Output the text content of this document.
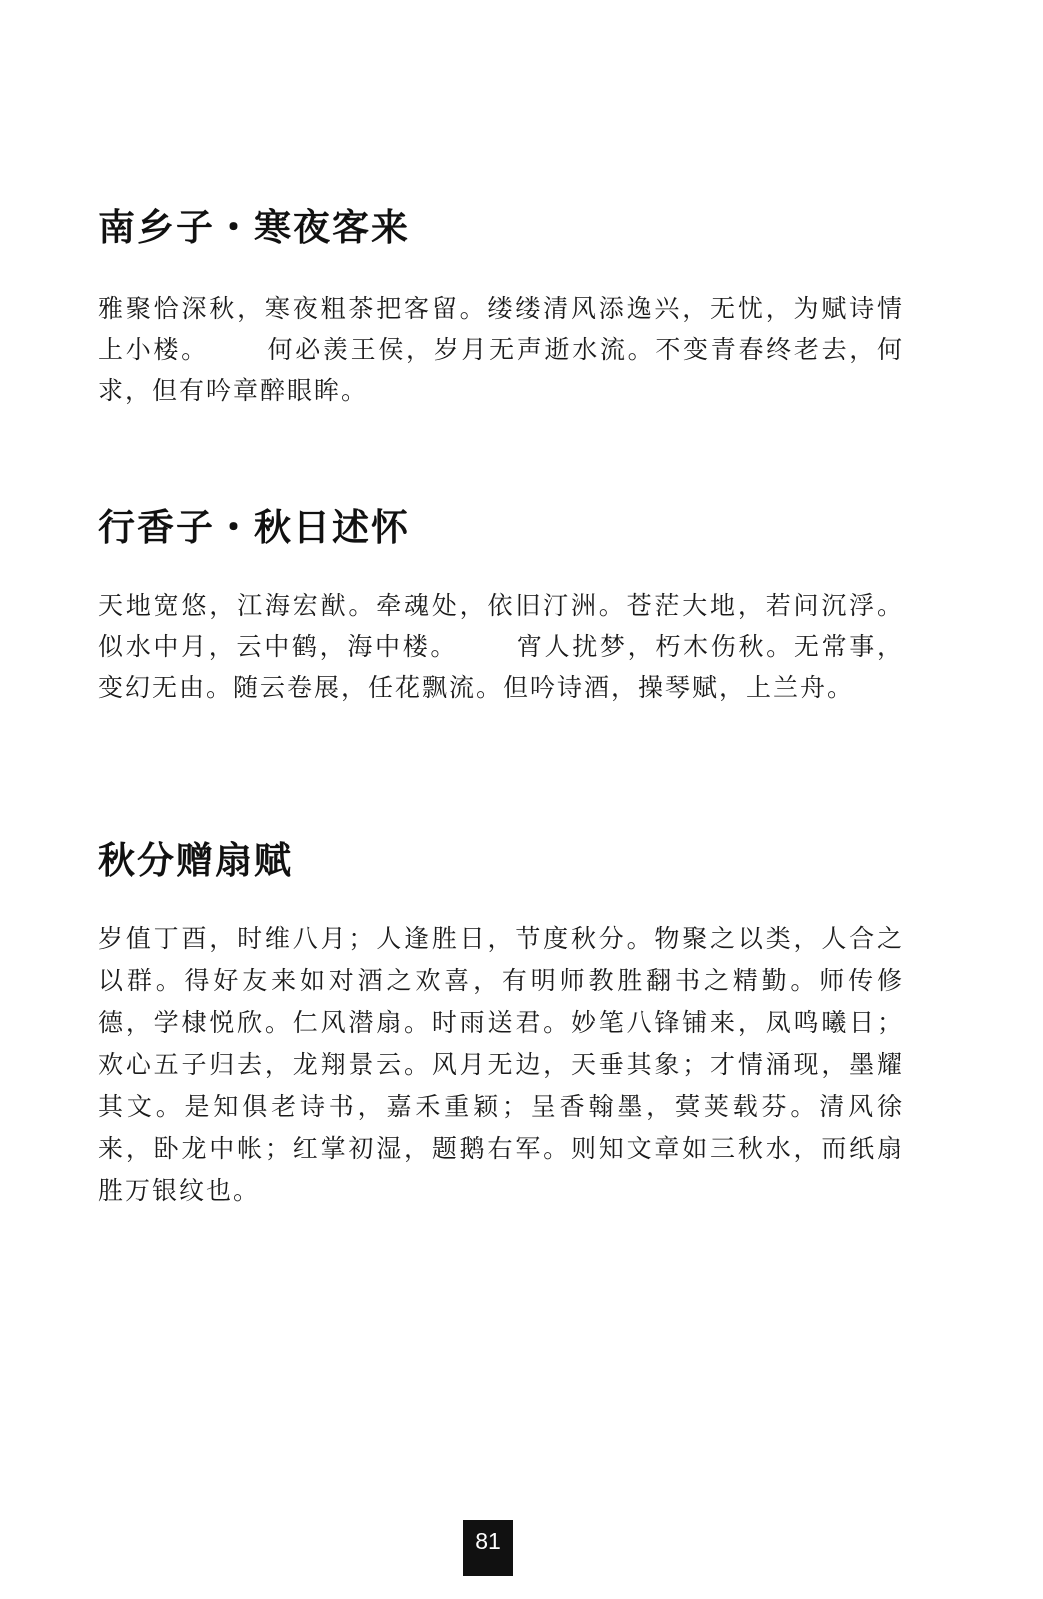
南乡子・寒夜客来

雅聚恰深秋，寒夜粗茶把客留。缕缕清风添逸兴，无忧，为赋诗情上小楼。 何必羡王侯，岁月无声逝水流。不变青春终老去，何求，但有吟章醉眼眸。

行香子・秋日述怀

天地宽悠，江海宏猷。牵魂处，依旧汀洲。苍茫大地，若问沉浮。似水中月，云中鹤，海中楼。 宵人扰梦，朽木伤秋。无常事，变幻无由。随云卷展，任花飘流。但吟诗酒，操琴赋，上兰舟。

秋分赠扇赋

岁值丁酉，时维八月；人逢胜日，节度秋分。物聚之以类，人合之以群。得好友来如对酒之欢喜，有明师教胜翻书之精勤。师传修德，学棣悦欣。仁风潜扇。时雨送君。妙笔八锋铺来，凤鸣曦日；欢心五子归去，龙翔景云。风月无边，天垂其象；才情涌现，墨耀其文。是知俱老诗书，嘉禾重颖；呈香翰墨，蓂荚载芬。清风徐来，卧龙中帐；红掌初湿，题鹅右军。则知文章如三秋水，而纸扇胜万银纹也。

81
